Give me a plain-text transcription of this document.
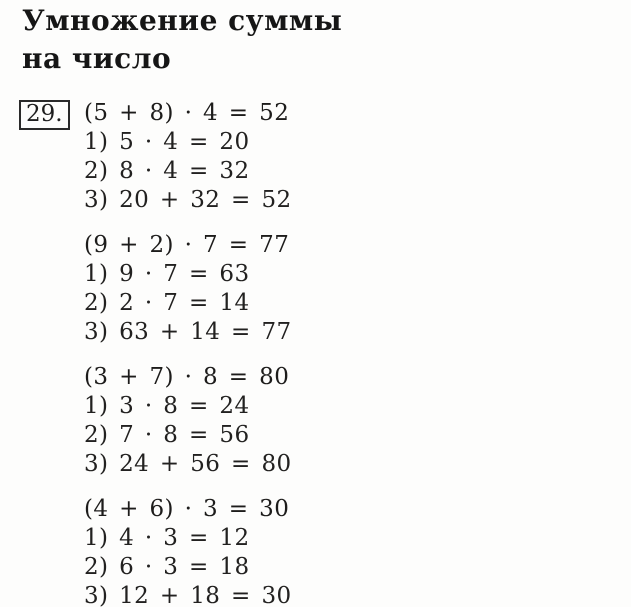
Умножение суммы
на число
29. (5 + 8) · 4 = 52
1) 5 · 4 = 20
2) 8 · 4 = 32
3) 20 + 32 = 52
(9 + 2) · 7 = 77
1) 9 · 7 = 63
2) 2 · 7 = 14
3) 63 + 14 = 77
(3 + 7) · 8 = 80
1) 3 · 8 = 24
2) 7 · 8 = 56
3) 24 + 56 = 80
(4 + 6) · 3 = 30
1) 4 · 3 = 12
2) 6 · 3 = 18
3) 12 + 18 = 30
